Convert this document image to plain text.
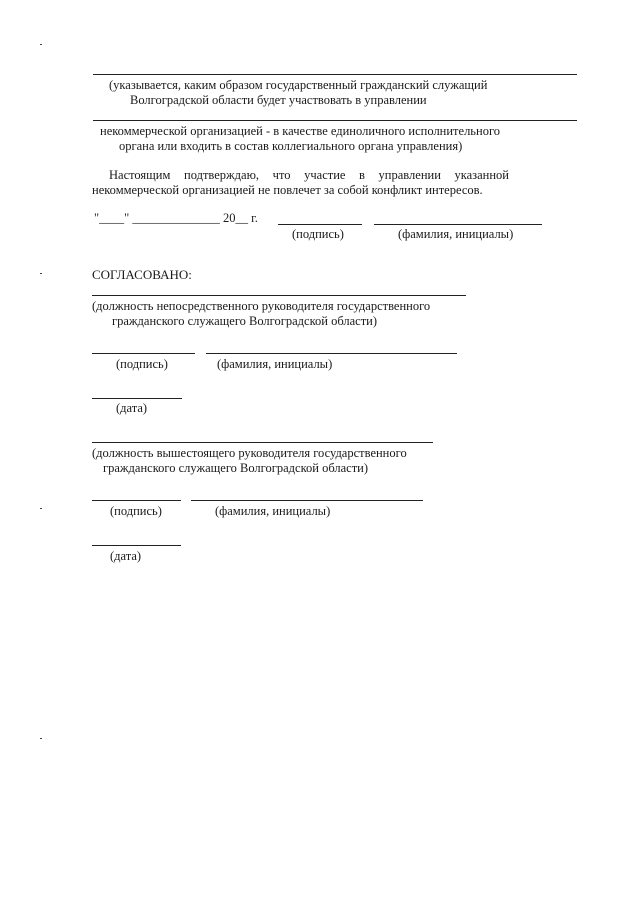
(указывается, каким образом государственный гражданский служащий
Волгоградской области будет участвовать в управлении
некоммерческой организацией - в качестве единоличного исполнительного
органа или входить в состав коллегиального органа управления)
Настоящим подтверждаю, что участие в управлении указанной
некоммерческой организацией не повлечет за собой конфликт интересов.
"____" ______________ 20__ г.
(подпись)	(фамилия, инициалы)
СОГЛАСОВАНО:
(должность непосредственного руководителя государственного
гражданского служащего Волгоградской области)
(подпись)	(фамилия, инициалы)
(дата)
(должность вышестоящего руководителя государственного
гражданского служащего Волгоградской области)
(подпись)	(фамилия, инициалы)
(дата)
